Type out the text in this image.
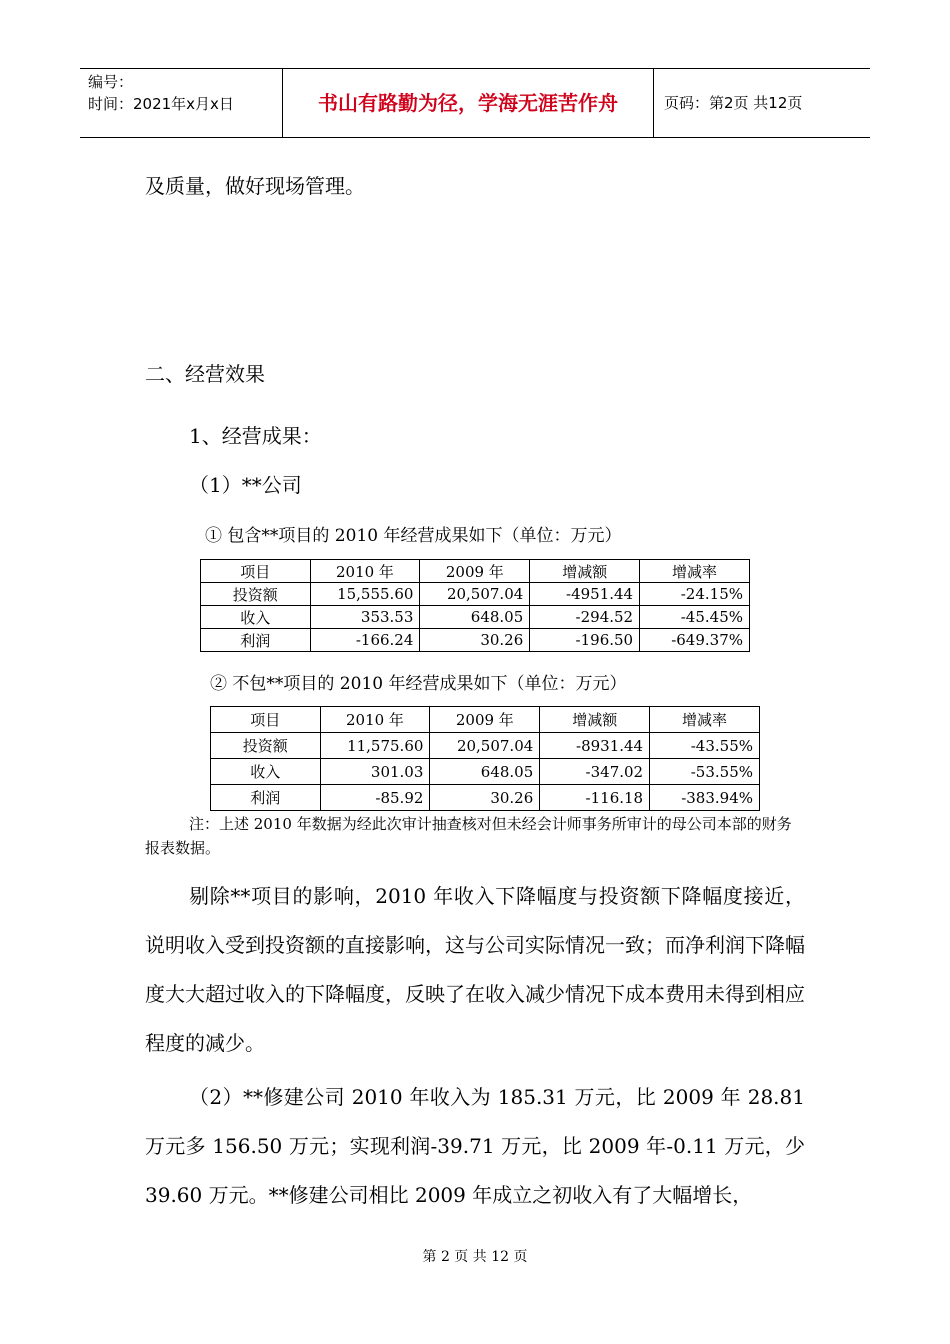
编号：
时间：2021年x月x日	书山有路勤为径，学海无涯苦作舟	页码：第2页 共12页
及质量，做好现场管理。
二、经营效果
1、经营成果：
（1）**公司
① 包含**项目的 2010 年经营成果如下（单位：万元）
项目	2010 年	2009 年	增减额	增减率
投资额	15,555.60	20,507.04	-4951.44	-24.15%
收入	353.53	648.05	-294.52	-45.45%
利润	-166.24	30.26	-196.50	-649.37%
② 不包**项目的 2010 年经营成果如下（单位：万元）
项目	2010 年	2009 年	增减额	增减率
投资额	11,575.60	20,507.04	-8931.44	-43.55%
收入	301.03	648.05	-347.02	-53.55%
利润	-85.92	30.26	-116.18	-383.94%
注：上述 2010 年数据为经此次审计抽查核对但未经会计师事务所审计的母公司本部的财务报表数据。

剔除**项目的影响，2010 年收入下降幅度与投资额下降幅度接近，说明收入受到投资额的直接影响，这与公司实际情况一致；而净利润下降幅度大大超过收入的下降幅度，反映了在收入减少情况下成本费用未得到相应程度的减少。

（2）**修建公司 2010 年收入为 185.31 万元，比 2009 年 28.81 万元多 156.50 万元；实现利润-39.71 万元，比 2009 年-0.11 万元，少 39.60 万元。**修建公司相比 2009 年成立之初收入有了大幅增长，

第 2 页 共 12 页
